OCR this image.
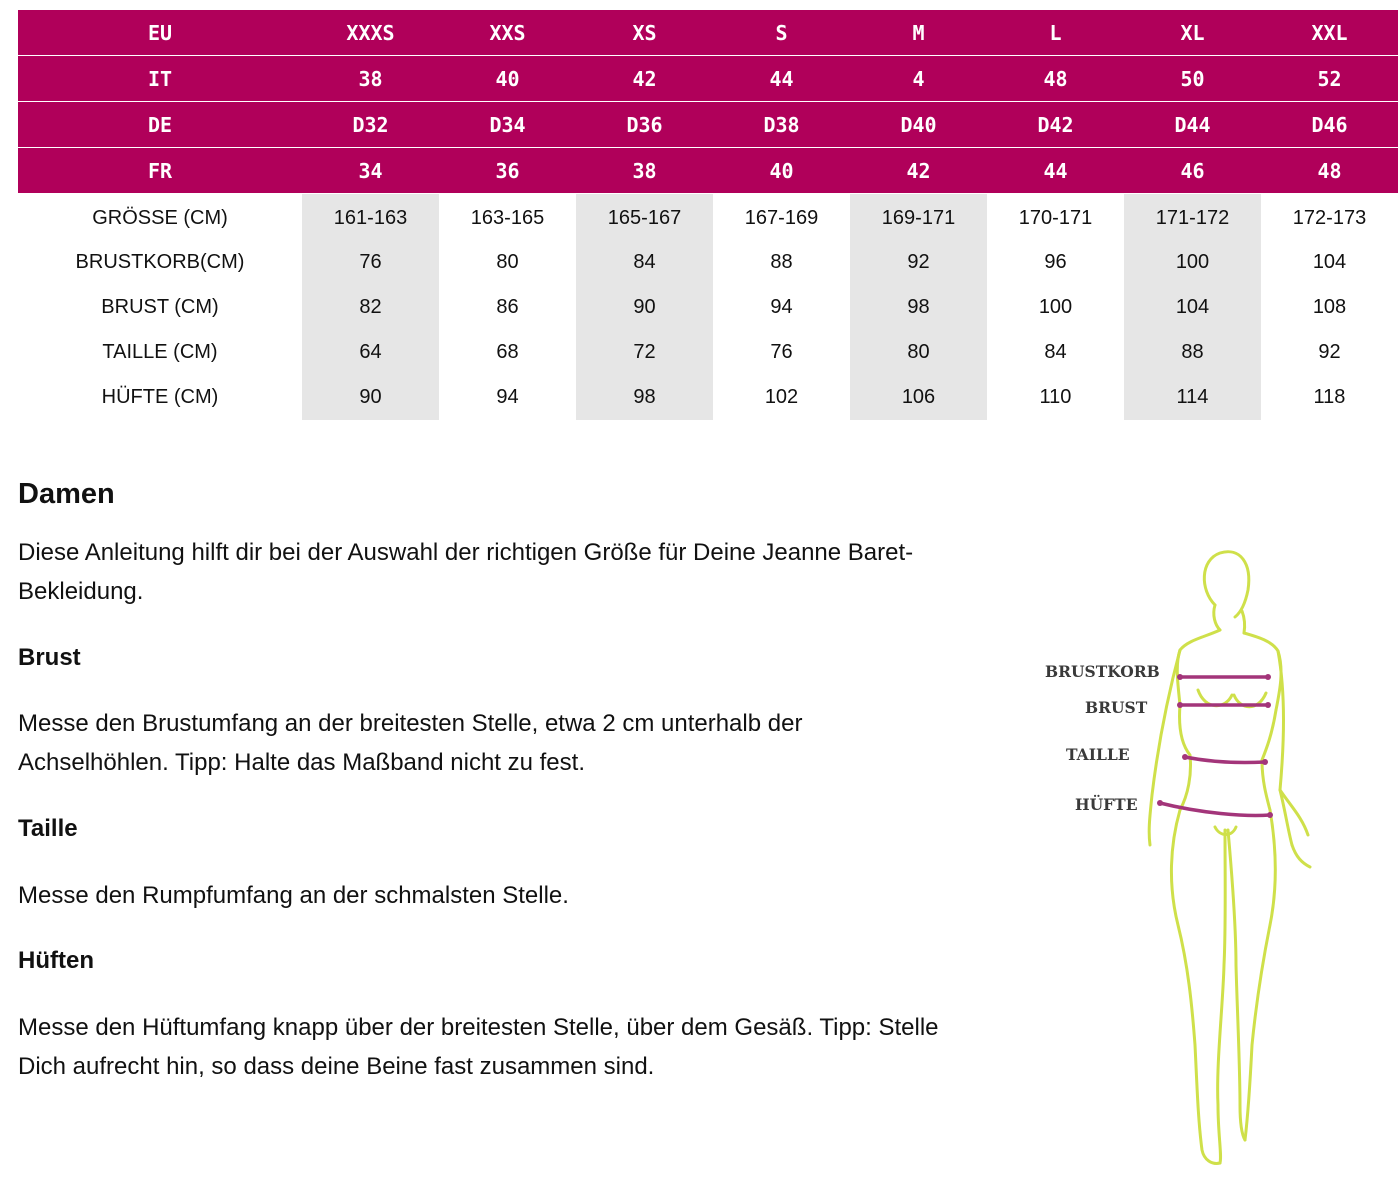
EU	XXXS	XXS	XS	S	M	L	XL	XXL
IT	38	40	42	44	4	48	50	52
DE	D32	D34	D36	D38	D40	D42	D44	D46
FR	34	36	38	40	42	44	46	48
GRÖSSE (CM)	161-163	163-165	165-167	167-169	169-171	170-171	171-172	172-173
BRUSTKORB(CM)	76	80	84	88	92	96	100	104
BRUST (CM)	82	86	90	94	98	100	104	108
TAILLE (CM)	64	68	72	76	80	84	88	92
HÜFTE (CM)	90	94	98	102	106	110	114	118
Damen

Diese Anleitung hilft dir bei der Auswahl der richtigen Größe für Deine Jeanne Baret-Bekleidung.

Brust

Messe den Brustumfang an der breitesten Stelle, etwa 2 cm unterhalb der Achselhöhlen. Tipp: Halte das Maßband nicht zu fest.

Taille

Messe den Rumpfumfang an der schmalsten Stelle.

Hüften

Messe den Hüftumfang knapp über der breitesten Stelle, über dem Gesäß. Tipp: Stelle Dich aufrecht hin, so dass deine Beine fast zusammen sind.

BRUSTKORB
BRUST
TAILLE
HÜFTE
